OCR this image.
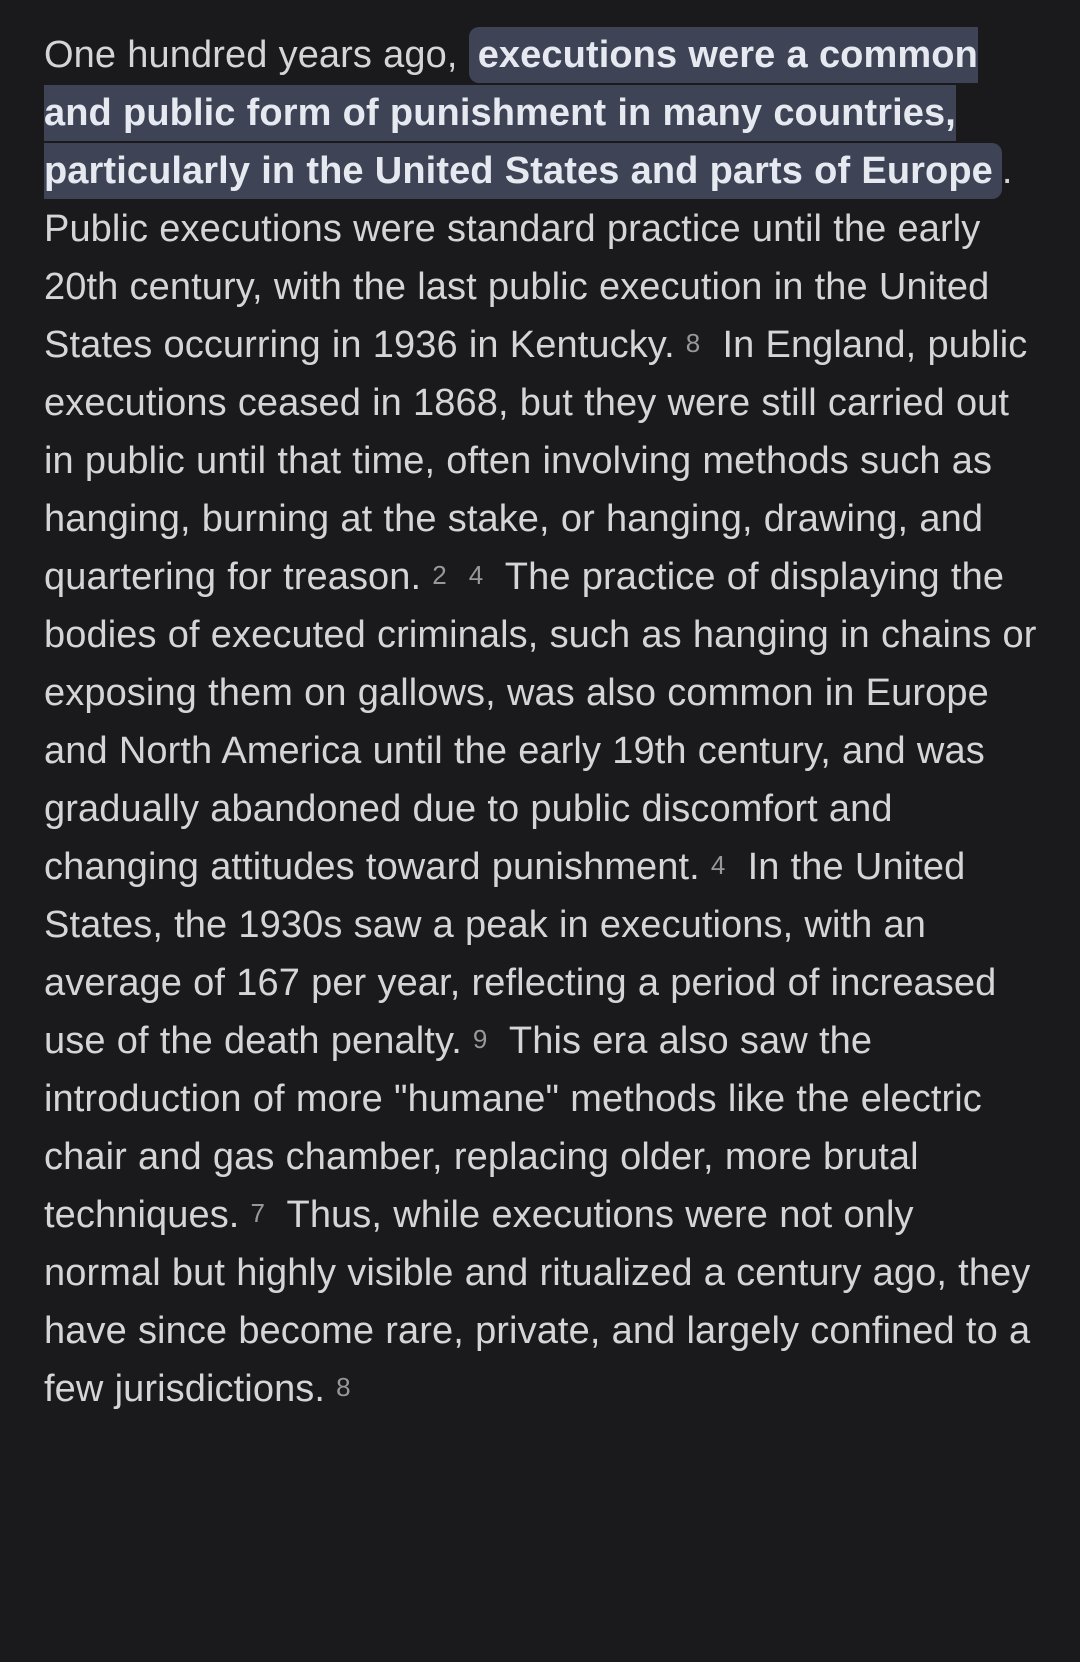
One hundred years ago, executions were a common and public form of punishment in many countries, particularly in the United States and parts of Europe . Public executions were standard practice until the early 20th century, with the last public execution in the United States occurring in 1936 in Kentucky. 8 In England, public executions ceased in 1868, but they were still carried out in public until that time, often involving methods such as hanging, burning at the stake, or hanging, drawing, and quartering for treason. 2 4 The practice of displaying the bodies of executed criminals, such as hanging in chains or exposing them on gallows, was also common in Europe and North America until the early 19th century, and was gradually abandoned due to public discomfort and changing attitudes toward punishment. 4 In the United States, the 1930s saw a peak in executions, with an average of 167 per year, reflecting a period of increased use of the death penalty. 9 This era also saw the introduction of more "humane" methods like the electric chair and gas chamber, replacing older, more brutal techniques. 7 Thus, while executions were not only normal but highly visible and ritualized a century ago, they have since become rare, private, and largely confined to a few jurisdictions. 8
